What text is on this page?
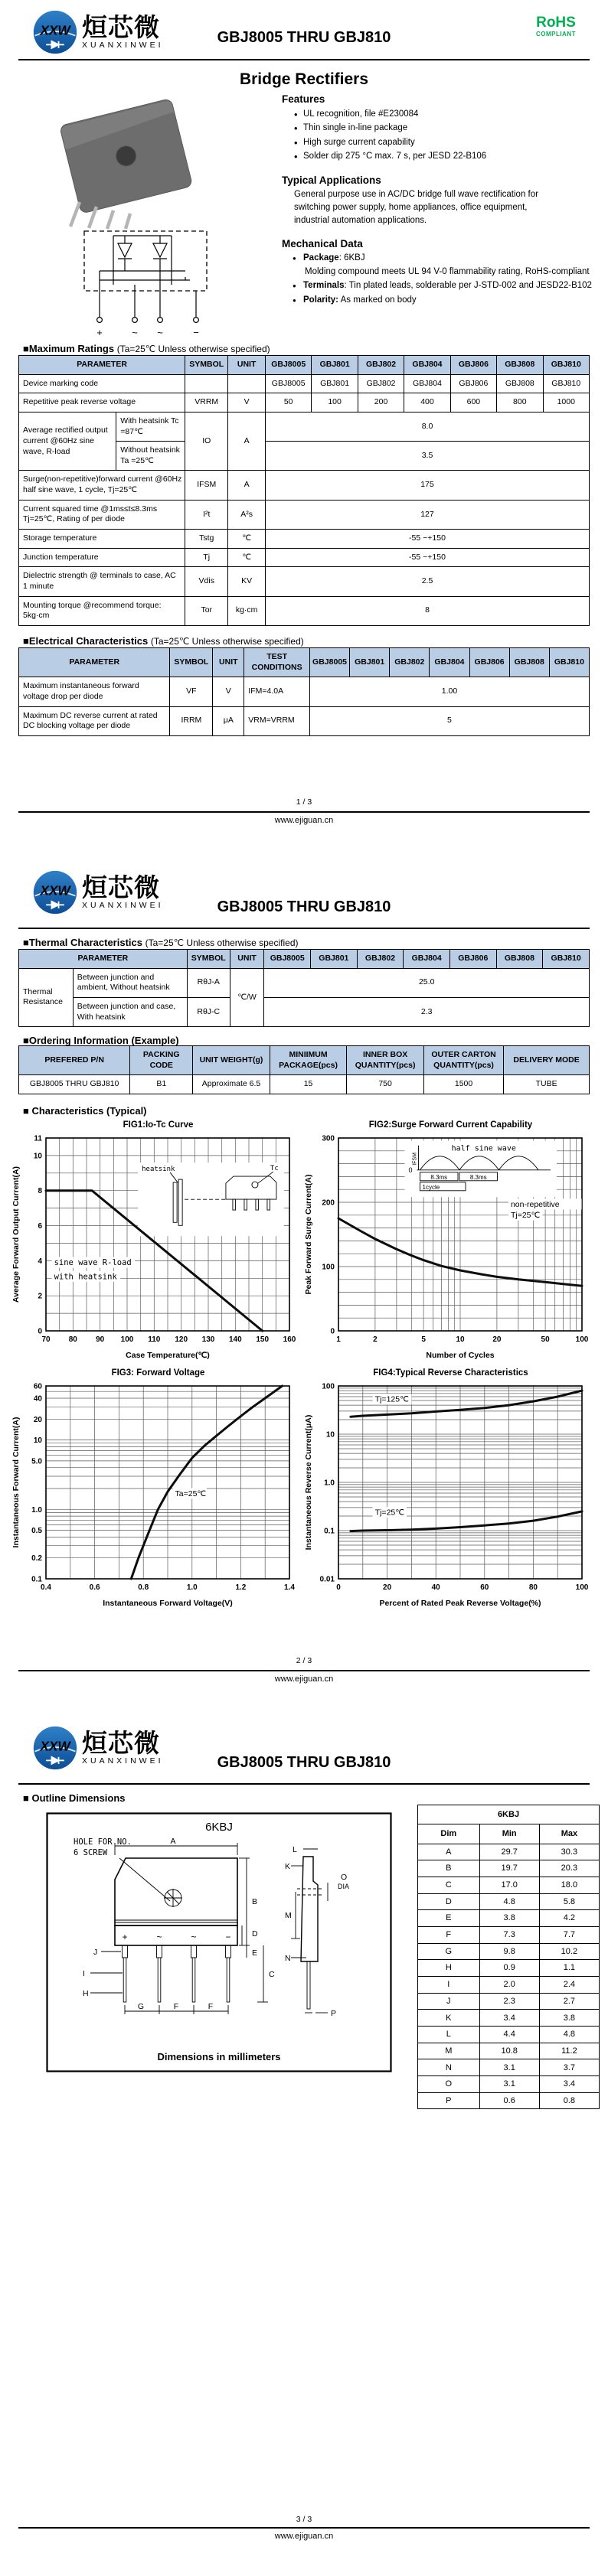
XXW 烜芯微
XUANXINWEI	GBJ8005 THRU GBJ810
RoHS
COMPLIANT
Bridge Rectifiers
+	~ ~	−
Features
• UL recognition, file #E230084
• Thin single in-line package
• High surge current capability
• Solder dip 275 °C max. 7 s, per JESD 22-B106
Typical Applications
General purpose use in AC/DC bridge full wave rectification for switching power supply, home appliances, office equipment, industrial automation applications.
Mechanical Data
● Package: 6KBJ
Molding compound meets UL 94 V-0 flammability rating, RoHS-compliant
● Terminals: Tin plated leads, solderable per J-STD-002 and JESD22-B102
● Polarity: As marked on body
■Maximum Ratings (Ta=25℃ Unless otherwise specified)
PARAMETER		SYMBOL	UNIT	GBJ8005	GBJ801	GBJ802	GBJ804	GBJ806	GBJ808	GBJ810
Device marking code				GBJ8005	GBJ801	GBJ802	GBJ804	GBJ806	GBJ808	GBJ810
Repetitive peak reverse voltage		VRRM	V	50	100	200	400	600	800	1000
Average rectified output current @60Hz sine wave, R-load	With heatsink Tc =87℃	IO	A	8.0						
	Without heatsink Ta =25℃			3.5						
Surge(non-repetitive)forward current @60Hz half sine wave, 1 cycle, Tj=25℃		IFSM	A	175						
Current squared time @1ms≤t≤8.3ms Tj=25℃, Rating of per diode		I²t	A²s	127						
Storage temperature		Tstg	℃	-55 ~+150						
Junction temperature		Tj	℃	-55 ~+150						
Dielectric strength @ terminals to case, AC 1 minute		Vdis	KV	2.5						
Mounting torque @recommend torque: 5kg·cm		Tor	kg·cm	8						
■Electrical Characteristics (Ta=25℃ Unless otherwise specified)
PARAMETER	SYMBOL	UNIT	TEST CONDITIONS	GBJ8005	GBJ801	GBJ802	GBJ804	GBJ806	GBJ808	GBJ810
Maximum instantaneous forward voltage drop per diode	VF	V	IFM=4.0A	1.00						
Maximum DC reverse current at rated DC blocking voltage per diode	IRRM	μA	VRM=VRRM	5						
1 / 3
www.ejiguan.cn
XXW 烜芯微
XUANXINWEI	GBJ8005 THRU GBJ810
■Thermal Characteristics (Ta=25℃ Unless otherwise specified)
PARAMETER		SYMBOL	UNIT	GBJ8005	GBJ801	GBJ802	GBJ804	GBJ806	GBJ808	GBJ810
Thermal Resistance	Between junction and ambient, Without heatsink	RθJ-A	℃/W	25.0						
	Between junction and case, With heatsink	RθJ-C		2.3						
■Ordering Information (Example)
PREFERED P/N	PACKING CODE	UNIT WEIGHT(g)	MINIIMUM PACKAGE(pcs)	INNER BOX QUANTITY(pcs)	OUTER CARTON QUANTITY(pcs)	DELIVERY MODE
GBJ8005 THRU GBJ810	B1	Approximate 6.5	15	750	1500	TUBE
■ Characteristics (Typical)
FIG1:Io-Tc Curve
heatsink	Tc
sine wave R-load
with heatsink
70 80 90 100 110 120 130 140 150 160
0
2
4
6
8
10
11
Case Temperature(℃)
Average Forward Output Current(A)
FIG2:Surge Forward Current Capability
half sine wave
IFSM
0
8.3ms	8.3ms
1cycle
non-repetitive
Tj=25℃
1	2	5	10	20	50	100
0
100
200
300
Number of Cycles
Peak Forward Surge Current(A)
FIG3: Forward Voltage
Ta=25℃
0.4	0.6	0.8	1.0	1.2	1.4
0.1
0.2
0.5
1.0
5.0
10
20
40
60
Instantaneous Forward Voltage(V)
Instantaneous Forward Current(A)
FIG4:Typical Reverse Characteristics
Tj=125℃
Tj=25℃
0	20	40	60	80	100
0.01
0.1
1.0
10
100
Percent of Rated Peak Reverse Voltage(%)
Instantaneous Reverse Current(μA)
2 / 3
www.ejiguan.cn
XXW 烜芯微
XUANXINWEI	GBJ8005 THRU GBJ810
■ Outline Dimensions
6KBJ
HOLE FOR NO.
6 SCREW
+	~	~	−
A
B
D
E
C
G	F	F
J
I
H
L
K
O
DIA
M
N
P
Dimensions in millimeters
6KBJ		
Dim	Min	Max
A	29.7	30.3
B	19.7	20.3
C	17.0	18.0
D	4.8	5.8
E	3.8	4.2
F	7.3	7.7
G	9.8	10.2
H	0.9	1.1
I	2.0	2.4
J	2.3	2.7
K	3.4	3.8
L	4.4	4.8
M	10.8	11.2
N	3.1	3.7
O	3.1	3.4
P	0.6	0.8
3 / 3
www.ejiguan.cn
